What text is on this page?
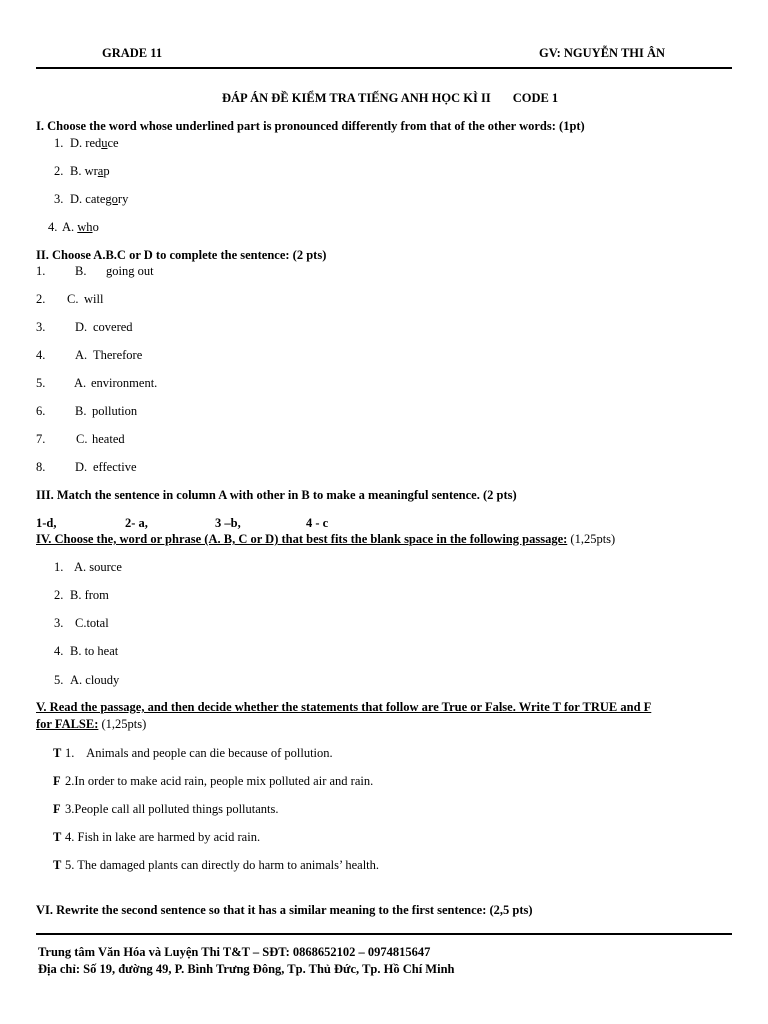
GRADE 11	GV: NGUYỄN THI ÂN
ĐÁP ÁN ĐỀ KIỂM TRA TIẾNG ANH HỌC KÌ II CODE 1
I. Choose the word whose underlined part is pronounced differently from that of the other words: (1pt)
1. D. reduce
2. B. wrap
3. D. category
4. A. who
II. Choose A.B.C or D to complete the sentence: (2 pts)
1. B. going out
2. C. will
3. D. covered
4. A. Therefore
5. A. environment.
6. B. pollution
7. C. heated
8. D. effective
III. Match the sentence in column A with other in B to make a meaningful sentence. (2 pts)
1-d,	2- a,	3 –b,	4 - c
IV. Choose the, word or phrase (A. B, C or D) that best fits the blank space in the following passage: (1,25pts)
1. A. source
2. B. from
3. C.total
4. B. to heat
5. A. cloudy
V. Read the passage, and then decide whether the statements that follow are True or False. Write T for TRUE and F
for FALSE: (1,25pts)
T 1.    Animals and people can die because of pollution.
F 2.In order to make acid rain, people mix polluted air and rain.
F 3.People call all polluted things pollutants.
T 4. Fish in lake are harmed by acid rain.
T 5. The damaged plants can directly do harm to animals’ health.
VI. Rewrite the second sentence so that it has a similar meaning to the first sentence: (2,5 pts)
Trung tâm Văn Hóa và Luyện Thi T&T – SĐT: 0868652102 – 0974815647
Địa chỉ: Số 19, đường 49, P. Bình Trưng Đông, Tp. Thủ Đức, Tp. Hồ Chí Minh
